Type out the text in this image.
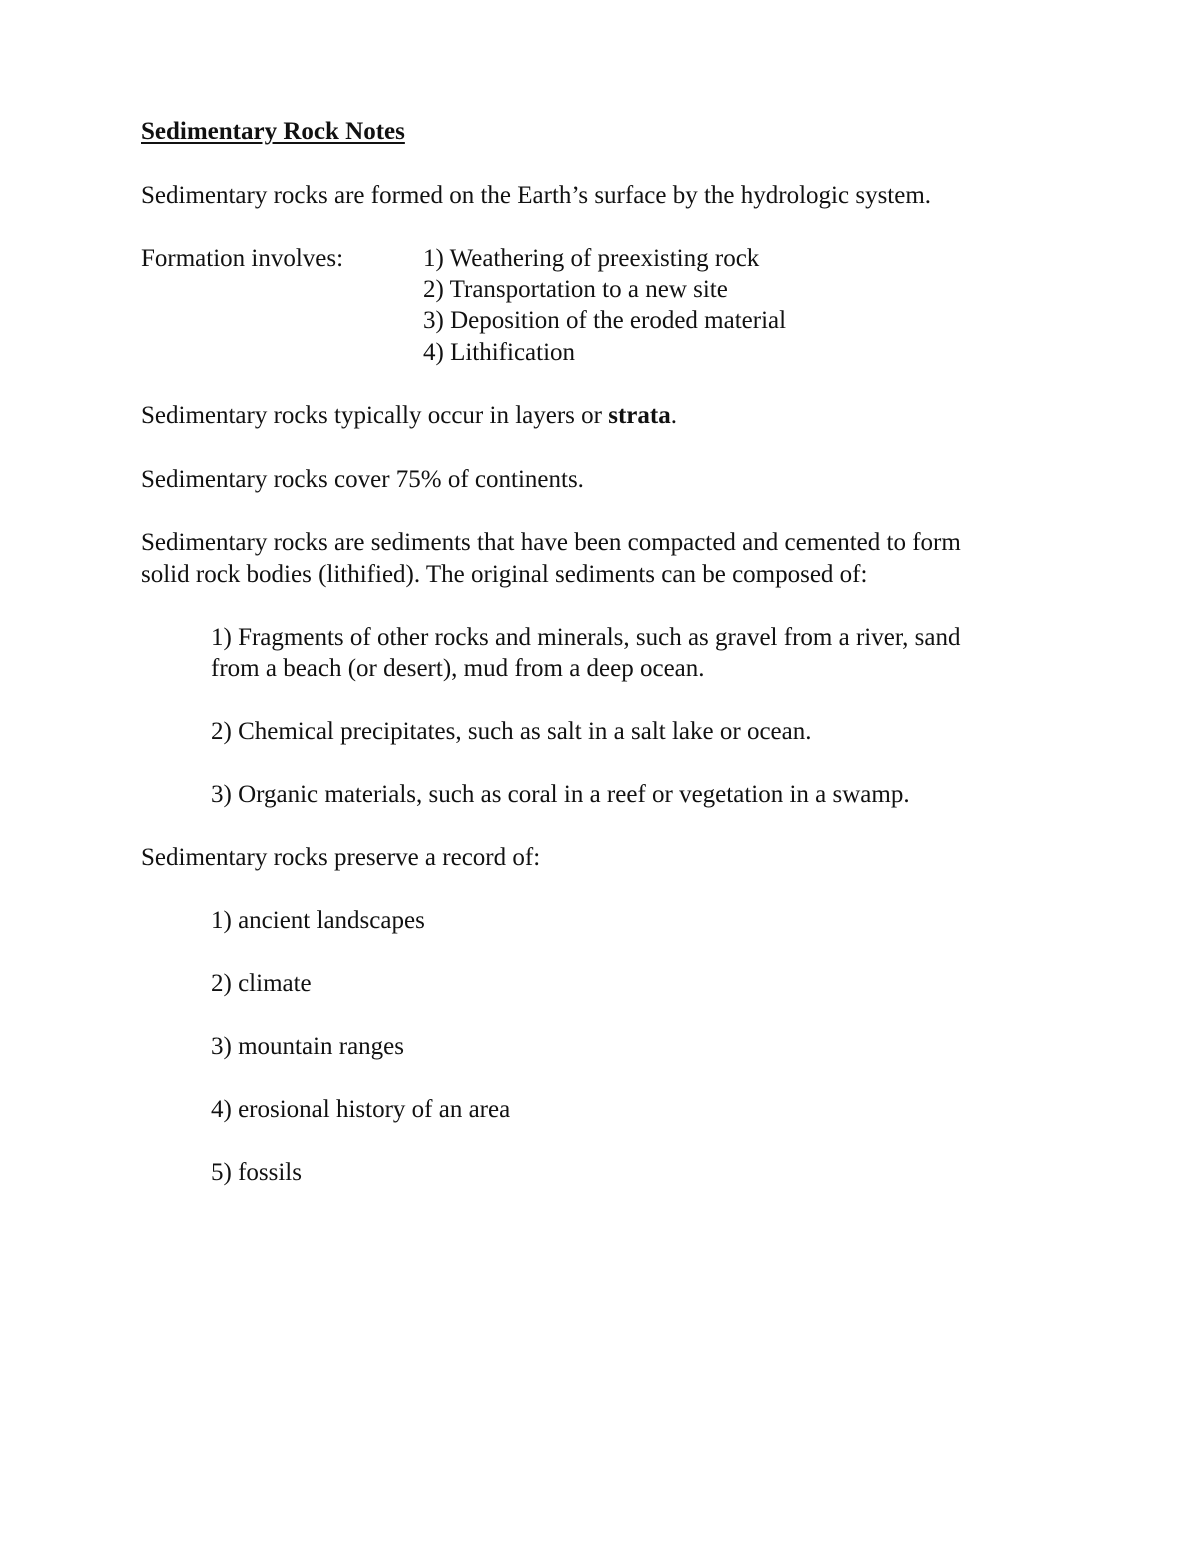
Sedimentary Rock Notes
Sedimentary rocks are formed on the Earth’s surface by the hydrologic system.
Formation involves:	1) Weathering of preexisting rock
2) Transportation to a new site
3) Deposition of the eroded material
4) Lithification
Sedimentary rocks typically occur in layers or strata.
Sedimentary rocks cover 75% of continents.
Sedimentary rocks are sediments that have been compacted and cemented to form
solid rock bodies (lithified). The original sediments can be composed of:
1) Fragments of other rocks and minerals, such as gravel from a river, sand
from a beach (or desert), mud from a deep ocean.
2) Chemical precipitates, such as salt in a salt lake or ocean.
3) Organic materials, such as coral in a reef or vegetation in a swamp.
Sedimentary rocks preserve a record of:
1) ancient landscapes
2) climate
3) mountain ranges
4) erosional history of an area
5) fossils
